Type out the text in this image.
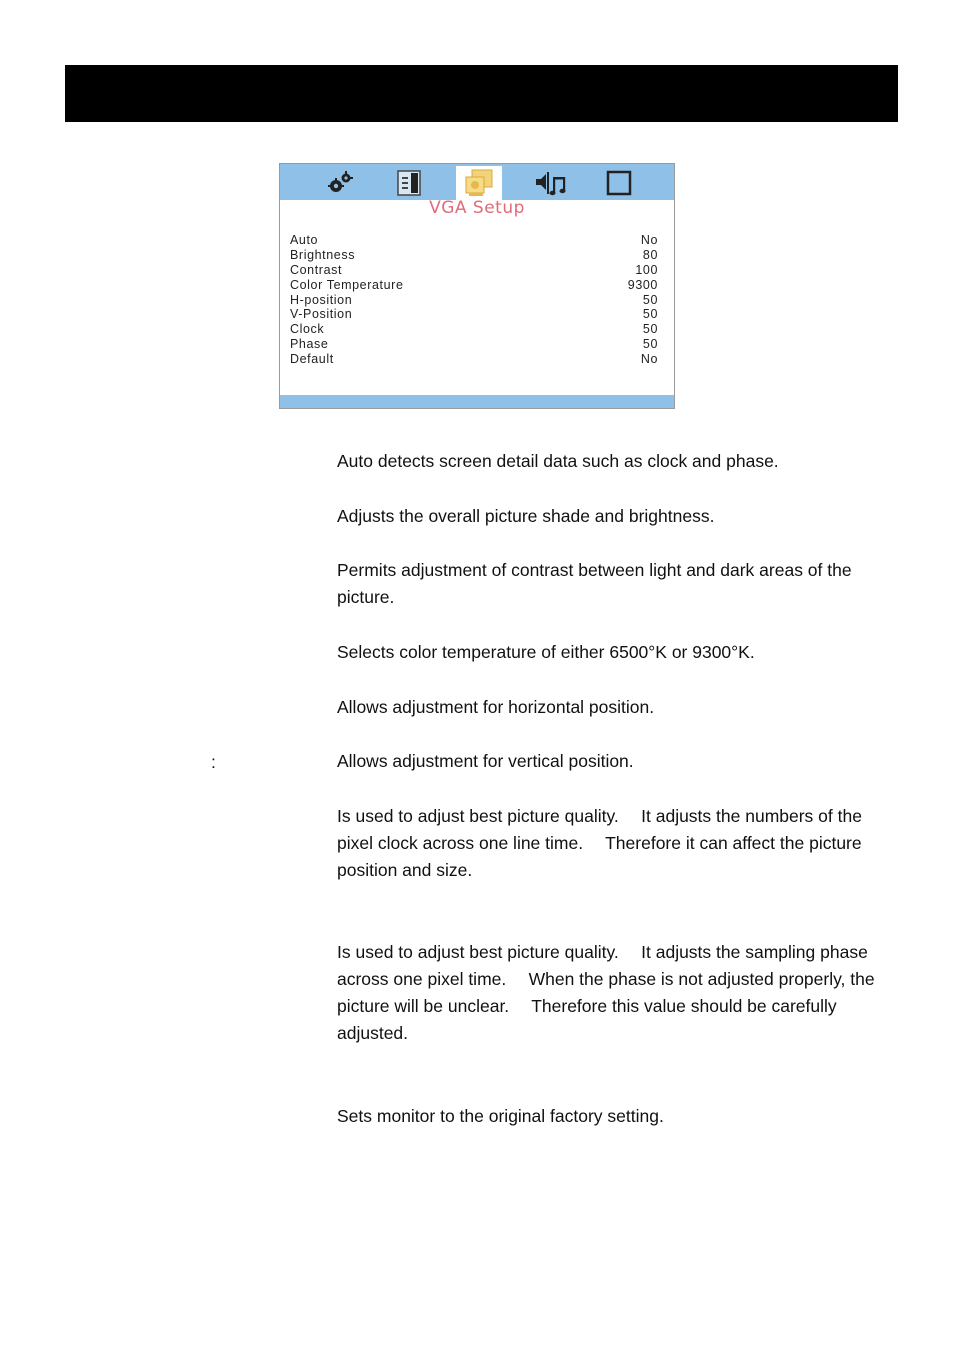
VGA Setup
Auto	No
Brightness	80
Contrast	100
Color Temperature	9300
H-position	50
V-Position	50
Clock	50
Phase	50
Default	No
Auto detects screen detail data such as clock and phase.
Adjusts the overall picture shade and brightness.
Permits adjustment of contrast between light and dark areas of the picture.
Selects color temperature of either 6500°K or 9300°K.
Allows adjustment for horizontal position.
:	Allows adjustment for vertical position.
Is used to adjust best picture quality.  It adjusts the numbers of the pixel clock across one line time.  Therefore it can affect the picture position and size.
Is used to adjust best picture quality.  It adjusts the sampling phase across one pixel time.  When the phase is not adjusted properly, the picture will be unclear.  Therefore this value should be carefully adjusted.
Sets monitor to the original factory setting.
